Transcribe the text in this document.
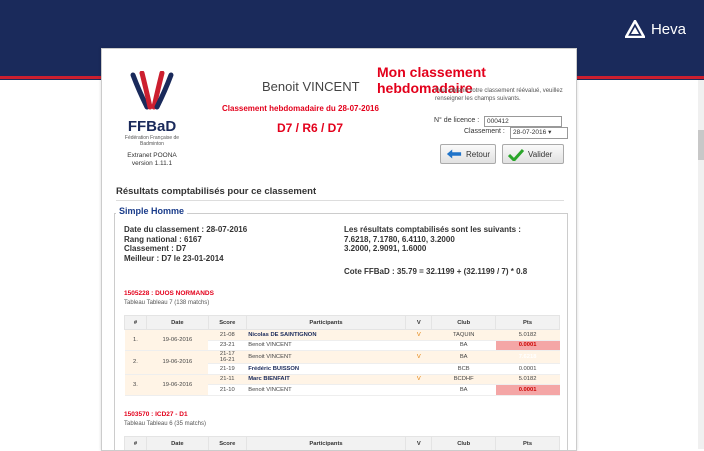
Heva
FFBaD
Fédération Française de Badminton
Extranet POONA
version 1.11.1
Benoit VINCENT
Mon classement hebdomadaire
Classement hebdomadaire du 28-07-2016
D7 / R6 / D7
Pour obtenir votre classement réévalué, veuillez renseigner les champs suivants.
N° de licence :	000412
Classement :	28-07-2016 ▾
Retour	Valider
Résultats comptabilisés pour ce classement
Simple Homme
Date du classement : 28-07-2016
Rang national : 6167
Classement : D7
Meilleur : D7 le 23-01-2014
Les résultats comptabilisés sont les suivants :
7.6218, 7.1780, 6.4110, 3.2000
3.2000, 2.9091, 1.6000
Cote FFBaD : 35.79 = 32.1199 + (32.1199 / 7) * 0.8
1505228 : DUOS NORMANDS
Tableau Tableau 7 (138 matchs)
#	Date	Score	Participants	V	Club	Pts
1.	19-06-2016	21-08	Nicolas DE SAINTIGNON	V	TAQUIN	5.0182
		23-21	Benoit VINCENT		BA	0.0001
2.	19-06-2016	21-17
16-21	Benoit VINCENT	V	BA	7.6218
		21-19	Frédéric BUISSON		BCB	0.0001
3.	19-06-2016	21-11	Marc BIENFAIT	V	BCDHF	5.0182
		21-10	Benoit VINCENT		BA	0.0001
1503570 : ICD27 - D1
Tableau Tableau 6 (35 matchs)
#	Date	Score	Participants	V	Club	Pts
